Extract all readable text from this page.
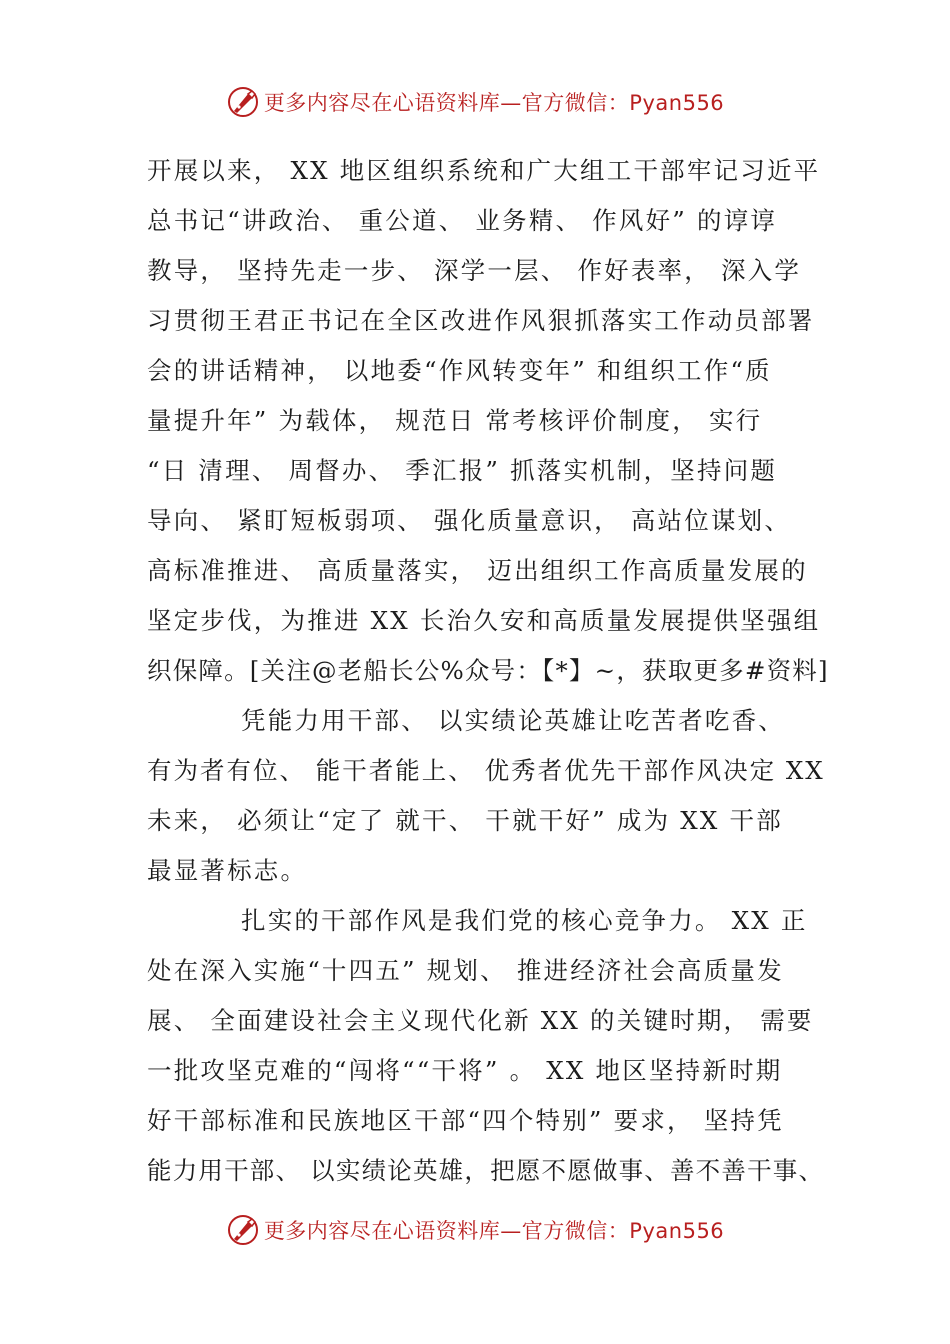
更多内容尽在心语资料库—官方微信：Pyan556
开展以来， XX 地区组织系统和广大组工干部牢记习近平
总书记“讲政治、 重公道、 业务精、 作风好” 的谆谆
教导， 坚持先走一步、 深学一层、 作好表率， 深入学
习贯彻王君正书记在全区改进作风狠抓落实工作动员部署
会的讲话精神， 以地委“作风转变年” 和组织工作“质
量提升年” 为载体， 规范日 常考核评价制度， 实行
“日 清理、 周督办、 季汇报” 抓落实机制，坚持问题
导向、 紧盯短板弱项、 强化质量意识， 高站位谋划、
高标准推进、 高质量落实， 迈出组织工作高质量发展的
坚定步伐，为推进 XX 长治久安和高质量发展提供坚强组
织保障。[关注@老船长公%众号：【*】~，获取更多#资料]
凭能力用干部、 以实绩论英雄让吃苦者吃香、
有为者有位、 能干者能上、 优秀者优先干部作风决定 XX
未来， 必须让“定了 就干、 干就干好” 成为 XX 干部
最显著标志。
扎实的干部作风是我们党的核心竞争力。 XX 正
处在深入实施“十四五” 规划、 推进经济社会高质量发
展、 全面建设社会主义现代化新 XX 的关键时期， 需要
一批攻坚克难的“闯将““干将” 。 XX 地区坚持新时期
好干部标准和民族地区干部“四个特别” 要求， 坚持凭
能力用干部、 以实绩论英雄，把愿不愿做事、善不善干事、
更多内容尽在心语资料库—官方微信：Pyan556
